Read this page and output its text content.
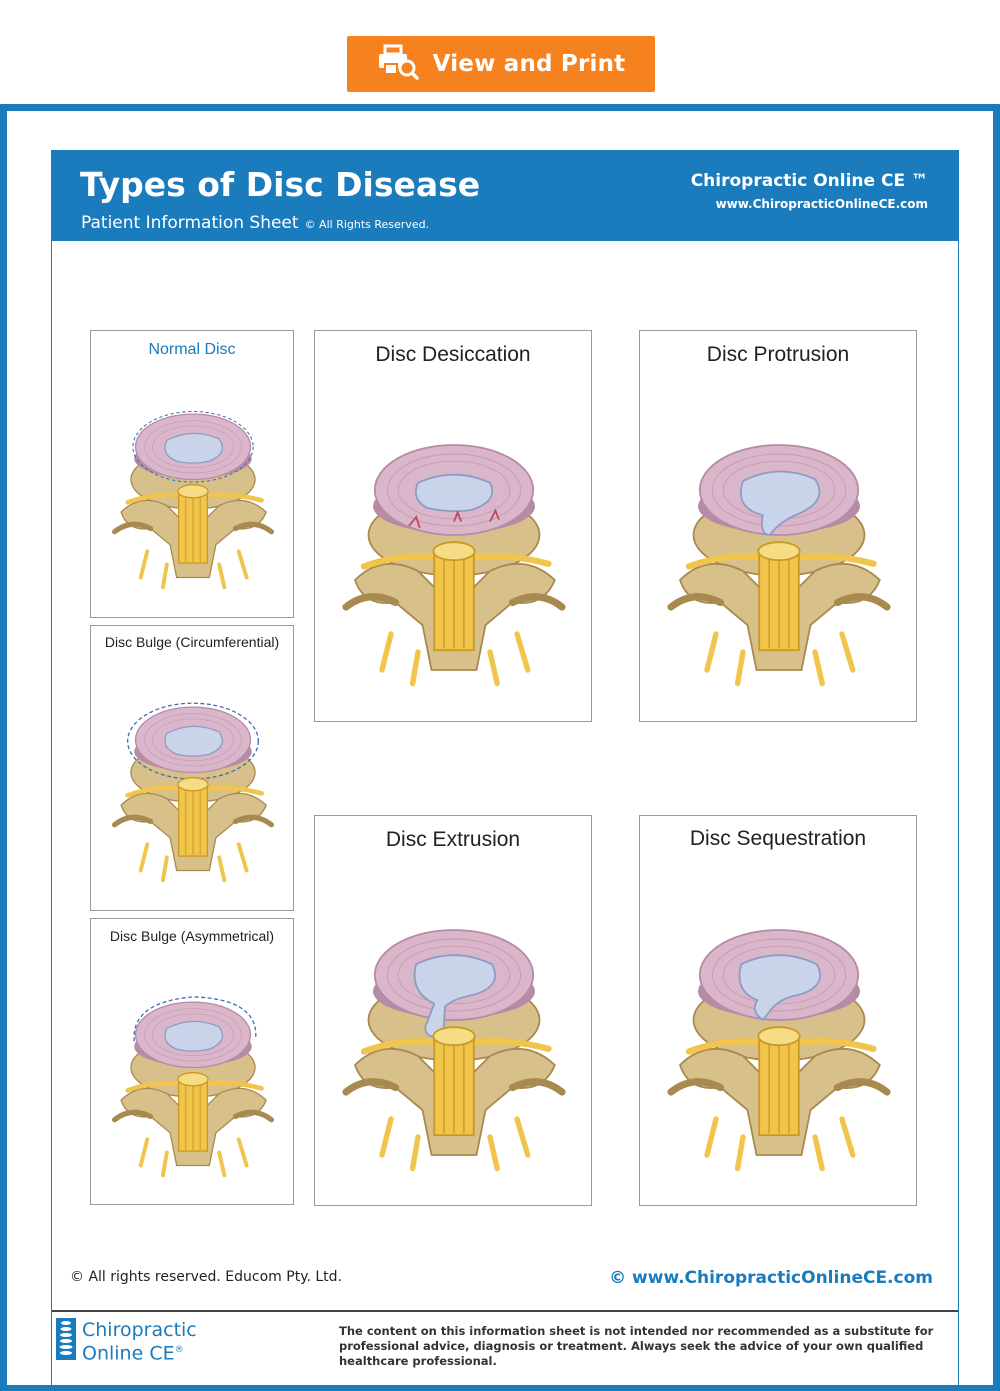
View and Print
Types of Disc Disease
Patient Information Sheet © All Rights Reserved.
Chiropractic Online CE ™
www.ChiropracticOnlineCE.com
Normal Disc
Disc Bulge (Circumferential)
Disc Bulge (Asymmetrical)
Disc Desiccation	Disc Protrusion
Disc Extrusion	Disc Sequestration
© All rights reserved. Educom Pty. Ltd.	© www.ChiropracticOnlineCE.com
Chiropractic
Online CE®
The content on this information sheet is not intended nor recommended as a substitute for professional advice, diagnosis or treatment. Always seek the advice of your own qualified healthcare professional.
